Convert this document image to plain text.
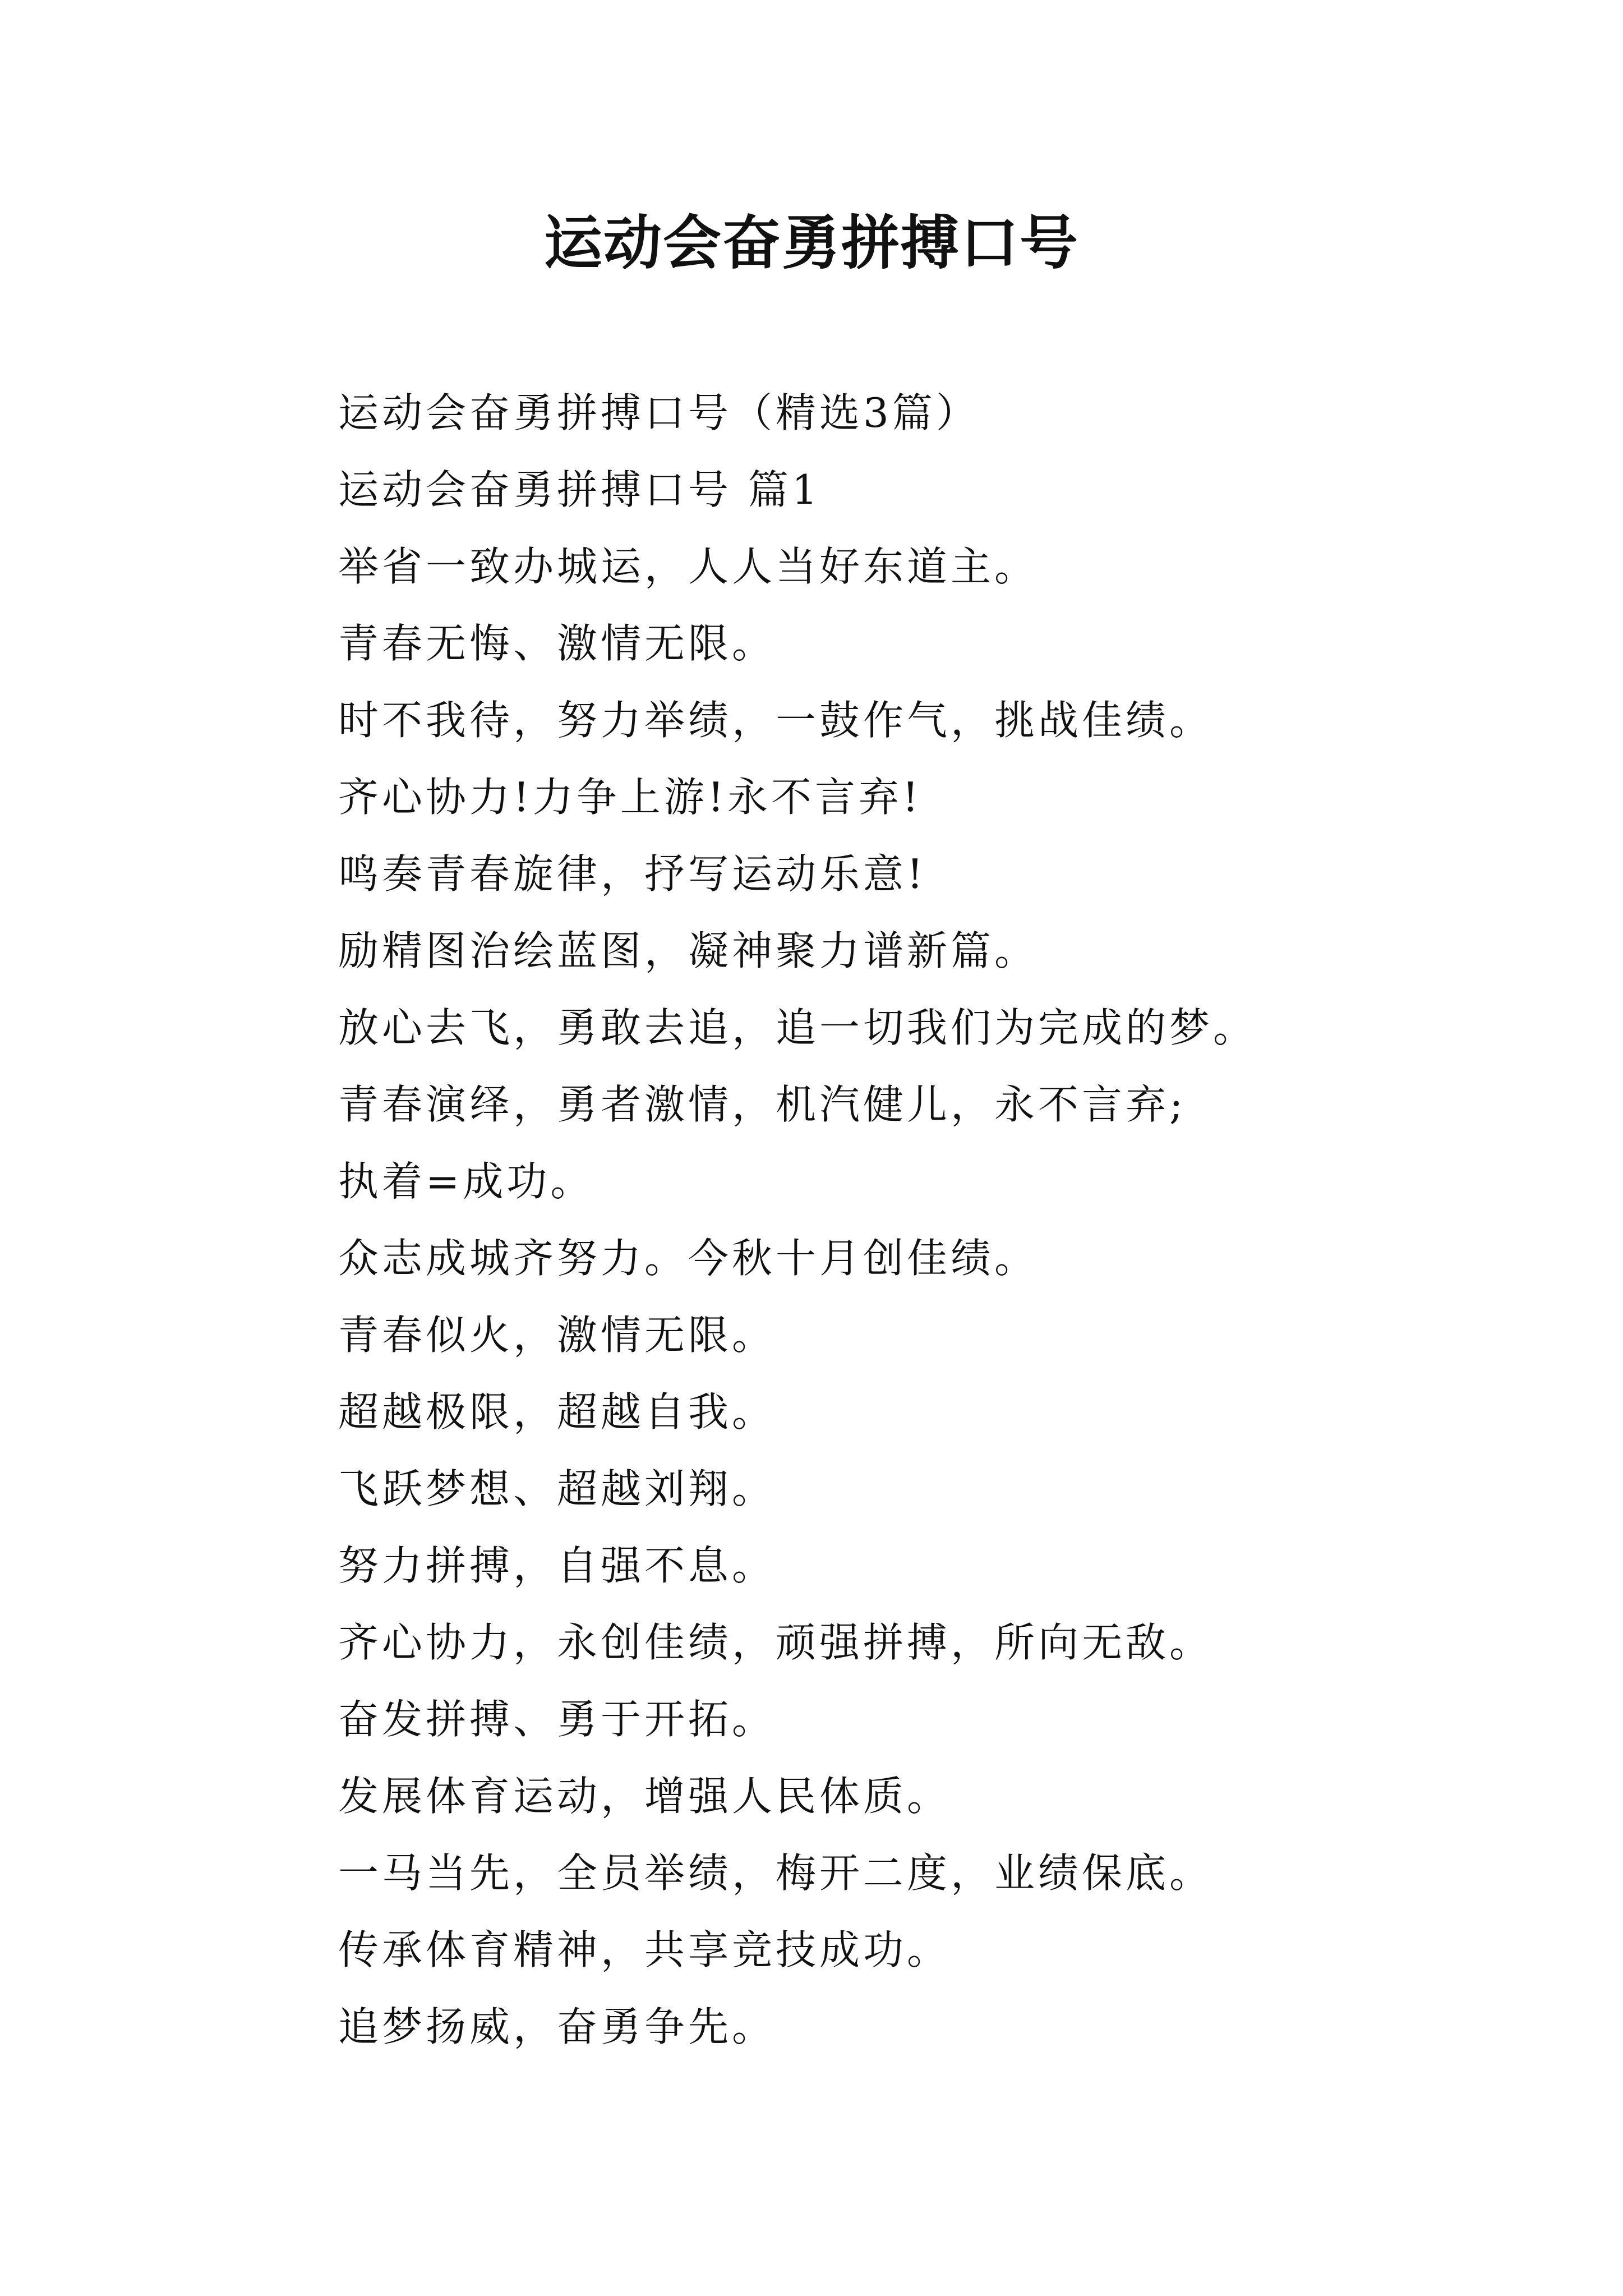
运动会奋勇拼搏口号
运动会奋勇拼搏口号（精选3篇）
运动会奋勇拼搏口号 篇1
举省一致办城运，人人当好东道主。
青春无悔、激情无限。
时不我待，努力举绩，一鼓作气，挑战佳绩。
齐心协力!力争上游!永不言弃!
鸣奏青春旋律，抒写运动乐意!
励精图治绘蓝图，凝神聚力谱新篇。
放心去飞，勇敢去追，追一切我们为完成的梦。
青春演绎，勇者激情，机汽健儿，永不言弃;
执着=成功。
众志成城齐努力。今秋十月创佳绩。
青春似火，激情无限。
超越极限，超越自我。
飞跃梦想、超越刘翔。
努力拼搏，自强不息。
齐心协力，永创佳绩，顽强拼搏，所向无敌。
奋发拼搏、勇于开拓。
发展体育运动，增强人民体质。
一马当先，全员举绩，梅开二度，业绩保底。
传承体育精神，共享竞技成功。
追梦扬威，奋勇争先。
